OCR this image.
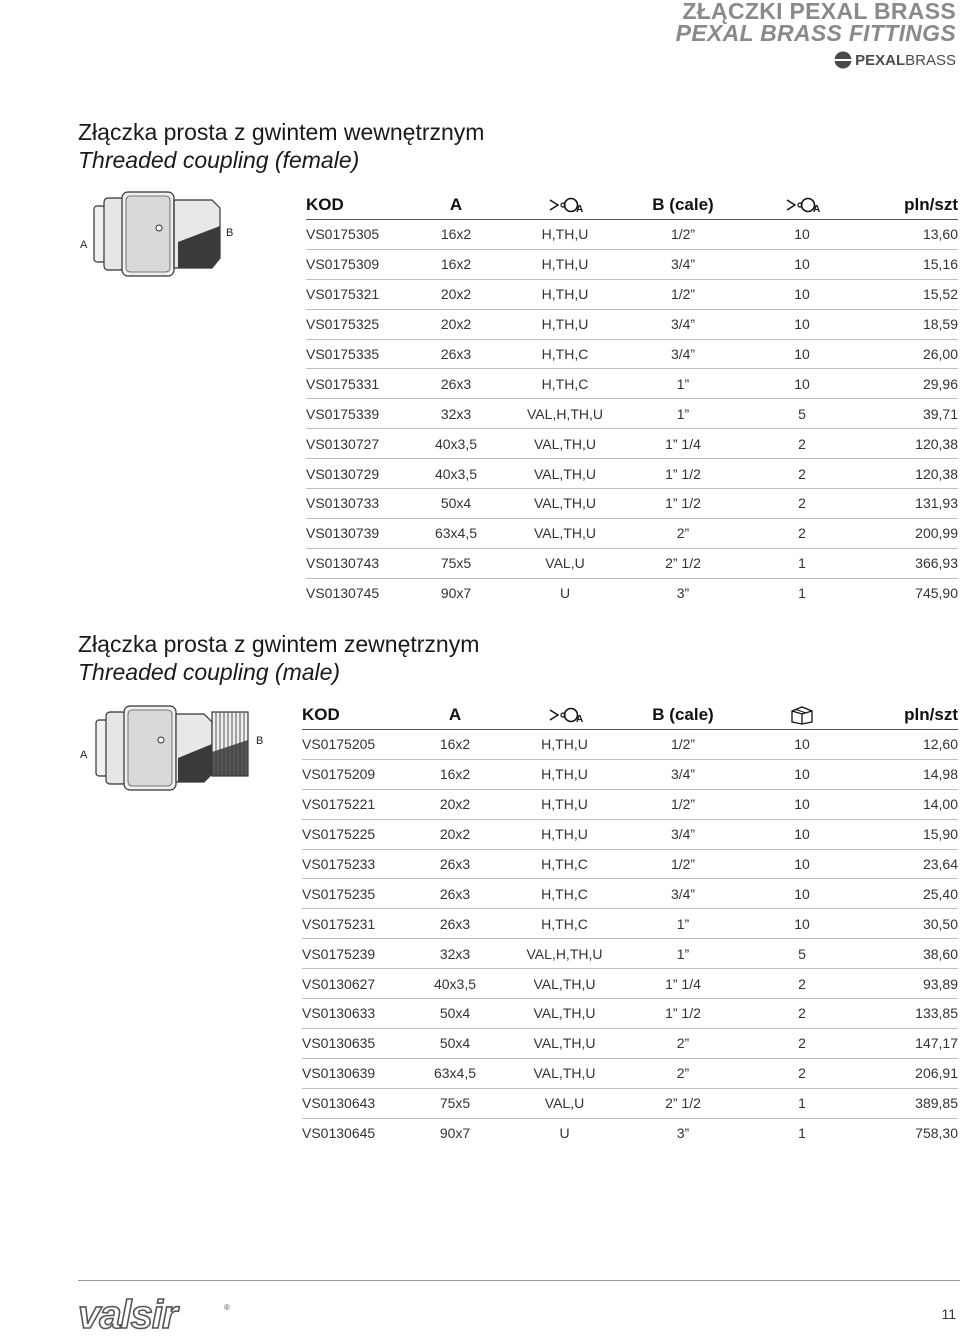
ZŁĄCZKI PEXAL BRASS
PEXAL BRASS FITTINGS
PEXAL BRASS
Złączka prosta z gwintem wewnętrznym
Threaded coupling (female)
A
B
KOD	A	A	B (cale)	A	pln/szt
VS0175305	16x2	H,TH,U	1/2”	10	13,60
VS0175309	16x2	H,TH,U	3/4”	10	15,16
VS0175321	20x2	H,TH,U	1/2”	10	15,52
VS0175325	20x2	H,TH,U	3/4”	10	18,59
VS0175335	26x3	H,TH,C	3/4”	10	26,00
VS0175331	26x3	H,TH,C	1”	10	29,96
VS0175339	32x3	VAL,H,TH,U	1”	5	39,71
VS0130727	40x3,5	VAL,TH,U	1” 1/4	2	120,38
VS0130729	40x3,5	VAL,TH,U	1” 1/2	2	120,38
VS0130733	50x4	VAL,TH,U	1” 1/2	2	131,93
VS0130739	63x4,5	VAL,TH,U	2”	2	200,99
VS0130743	75x5	VAL,U	2” 1/2	1	366,93
VS0130745	90x7	U	3”	1	745,90
Złączka prosta z gwintem zewnętrznym
Threaded coupling (male)
A
B
KOD	A	A	B (cale)		pln/szt
VS0175205	16x2	H,TH,U	1/2”	10	12,60
VS0175209	16x2	H,TH,U	3/4”	10	14,98
VS0175221	20x2	H,TH,U	1/2”	10	14,00
VS0175225	20x2	H,TH,U	3/4”	10	15,90
VS0175233	26x3	H,TH,C	1/2”	10	23,64
VS0175235	26x3	H,TH,C	3/4”	10	25,40
VS0175231	26x3	H,TH,C	1”	10	30,50
VS0175239	32x3	VAL,H,TH,U	1”	5	38,60
VS0130627	40x3,5	VAL,TH,U	1” 1/4	2	93,89
VS0130633	50x4	VAL,TH,U	1” 1/2	2	133,85
VS0130635	50x4	VAL,TH,U	2”	2	147,17
VS0130639	63x4,5	VAL,TH,U	2”	2	206,91
VS0130643	75x5	VAL,U	2” 1/2	1	389,85
VS0130645	90x7	U	3”	1	758,30
valsir	®	11
